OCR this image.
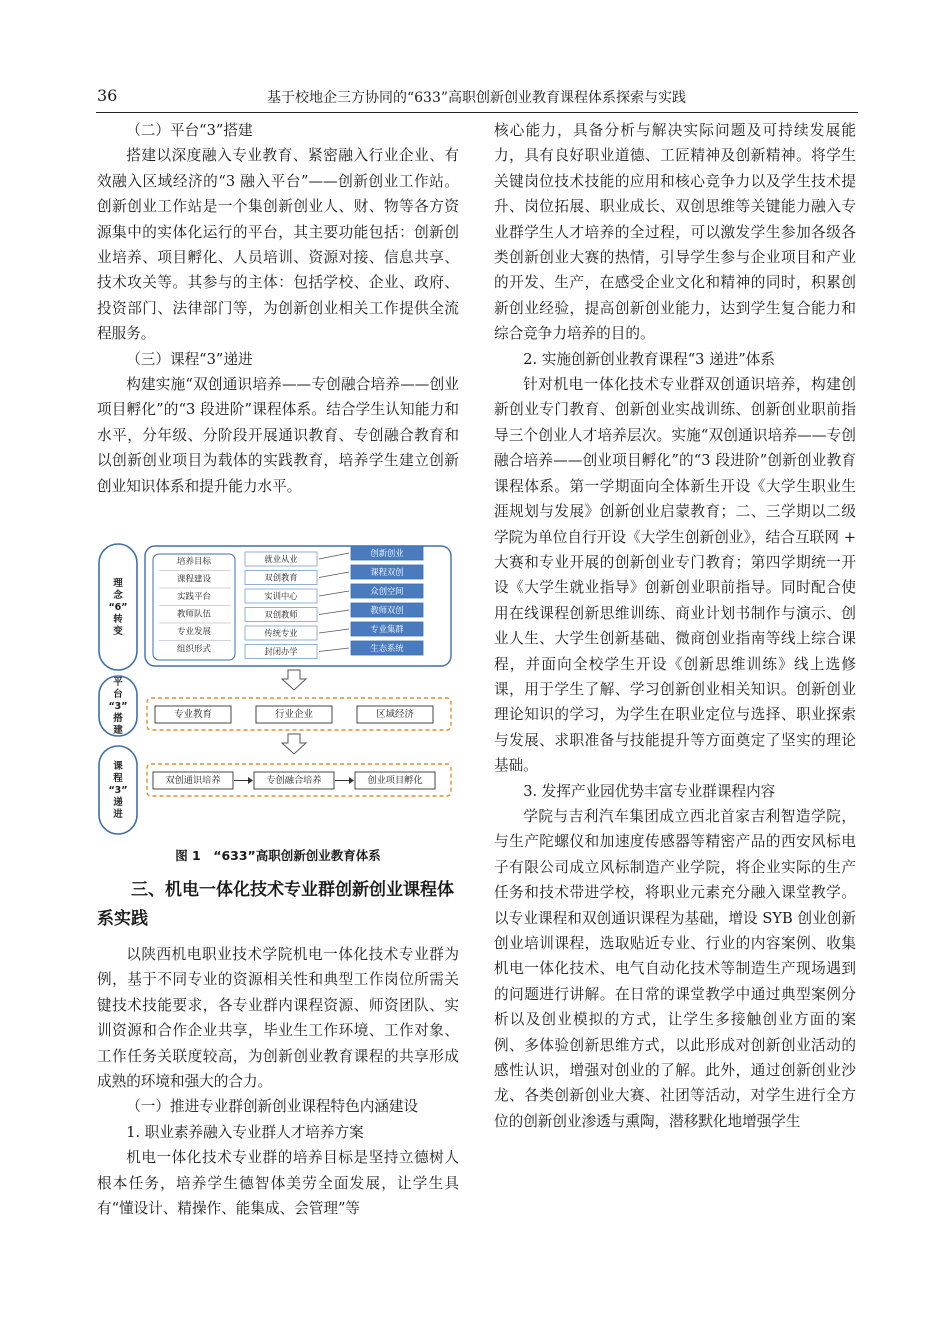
36	基于校地企三方协同的“633”高职创新创业教育课程体系探索与实践
（二）平台“3”搭建

搭建以深度融入专业教育、紧密融入行业企业、有效融入区域经济的“3 融入平台”——创新创业工作站。创新创业工作站是一个集创新创业人、财、物等各方资源集中的实体化运行的平台，其主要功能包括：创新创业培养、项目孵化、人员培训、资源对接、信息共享、技术攻关等。其参与的主体：包括学校、企业、政府、投资部门、法律部门等，为创新创业相关工作提供全流程服务。

（三）课程“3”递进

构建实施“双创通识培养——专创融合培养——创业项目孵化”的“3 段进阶”课程体系。结合学生认知能力和水平，分年级、分阶段开展通识教育、专创融合教育和以创新创业项目为载体的实践教育，培养学生建立创新创业知识体系和提升能力水平。

理念“6”转变
平台“3”搭建
课程“3”递进
培养目标
课程建设
实践平台
教师队伍
专业发展
组织形式
就业从业
双创教育
实训中心
双创教师
传统专业
封闭办学
创新创业
课程双创
众创空间
教师双创
专业集群
生态系统
专业教育	行业企业	区域经济
双创通识培养	专创融合培养	创业项目孵化
图 1　“633”高职创新创业教育体系
三、机电一体化技术专业群创新创业课程体系实践

以陕西机电职业技术学院机电一体化技术专业群为例，基于不同专业的资源相关性和典型工作岗位所需关键技术技能要求，各专业群内课程资源、师资团队、实训资源和合作企业共享，毕业生工作环境、工作对象、工作任务关联度较高，为创新创业教育课程的共享形成成熟的环境和强大的合力。

（一）推进专业群创新创业课程特色内涵建设
1. 职业素养融入专业群人才培养方案

机电一体化技术专业群的培养目标是坚持立德树人根本任务，培养学生德智体美劳全面发展，让学生具有“懂设计、精操作、能集成、会管理”等

核心能力，具备分析与解决实际问题及可持续发展能力，具有良好职业道德、工匠精神及创新精神。将学生关键岗位技术技能的应用和核心竞争力以及学生技术提升、岗位拓展、职业成长、双创思维等关键能力融入专业群学生人才培养的全过程，可以激发学生参加各级各类创新创业大赛的热情，引导学生参与企业项目和产业的开发、生产，在感受企业文化和精神的同时，积累创新创业经验，提高创新创业能力，达到学生复合能力和综合竞争力培养的目的。

2. 实施创新创业教育课程“3 递进”体系

针对机电一体化技术专业群双创通识培养，构建创新创业专门教育、创新创业实战训练、创新创业职前指导三个创业人才培养层次。实施“双创通识培养——专创融合培养——创业项目孵化”的“3 段进阶”创新创业教育课程体系。第一学期面向全体新生开设《大学生职业生涯规划与发展》创新创业启蒙教育；二、三学期以二级学院为单位自行开设《大学生创新创业》，结合互联网 + 大赛和专业开展的创新创业专门教育；第四学期统一开设《大学生就业指导》创新创业职前指导。同时配合使用在线课程创新思维训练、商业计划书制作与演示、创业人生、大学生创新基础、微商创业指南等线上综合课程，并面向全校学生开设《创新思维训练》线上选修课，用于学生了解、学习创新创业相关知识。创新创业理论知识的学习，为学生在职业定位与选择、职业探索与发展、求职准备与技能提升等方面奠定了坚实的理论基础。

3. 发挥产业园优势丰富专业群课程内容

学院与吉利汽车集团成立西北首家吉利智造学院，与生产陀螺仪和加速度传感器等精密产品的西安风标电子有限公司成立风标制造产业学院，将企业实际的生产任务和技术带进学校，将职业元素充分融入课堂教学。以专业课程和双创通识课程为基础，增设 SYB 创业创新创业培训课程，选取贴近专业、行业的内容案例、收集机电一体化技术、电气自动化技术等制造生产现场遇到的问题进行讲解。在日常的课堂教学中通过典型案例分析以及创业模拟的方式，让学生多接触创业方面的案例、多体验创新思维方式，以此形成对创新创业活动的感性认识，增强对创业的了解。此外，通过创新创业沙龙、各类创新创业大赛、社团等活动，对学生进行全方位的创新创业渗透与熏陶，潜移默化地增强学生
